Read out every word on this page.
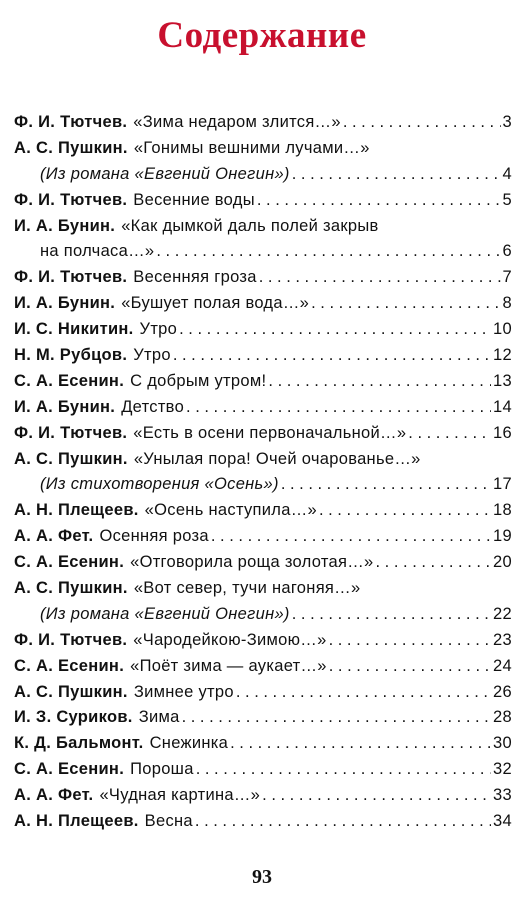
Содержание
Ф. И. Тютчев. «Зима недаром злится…» . . .	3
А. С. Пушкин. «Гонимы вешними лучами…»
(Из романа «Евгений Онегин») . . .	4
Ф. И. Тютчев. Весенние воды . . .	5
И. А. Бунин. «Как дымкой даль полей закрыв
на полчаса…» . . .	6
Ф. И. Тютчев. Весенняя гроза . . .	7
И. А. Бунин. «Бушует полая вода…» . . .	8
И. С. Никитин. Утро . . .	10
Н. М. Рубцов. Утро . . .	12
С. А. Есенин. С добрым утром! . . .	13
И. А. Бунин. Детство . . .	14
Ф. И. Тютчев. «Есть в осени первоначальной…» . . .	16
А. С. Пушкин. «Унылая пора! Очей очарованье…»
(Из стихотворения «Осень») . . .	17
А. Н. Плещеев. «Осень наступила…» . . .	18
А. А. Фет. Осенняя роза . . .	19
С. А. Есенин. «Отговорила роща золотая…» . . .	20
А. С. Пушкин. «Вот север, тучи нагоняя…»
(Из романа «Евгений Онегин») . . .	22
Ф. И. Тютчев. «Чародейкою-Зимою…» . . .	23
С. А. Есенин. «Поёт зима — аукает…» . . .	24
А. С. Пушкин. Зимнее утро . . .	26
И. З. Суриков. Зима . . .	28
К. Д. Бальмонт. Снежинка . . .	30
С. А. Есенин. Пороша . . .	32
А. А. Фет. «Чудная картина…» . . .	33
А. Н. Плещеев. Весна . . .	34
93
